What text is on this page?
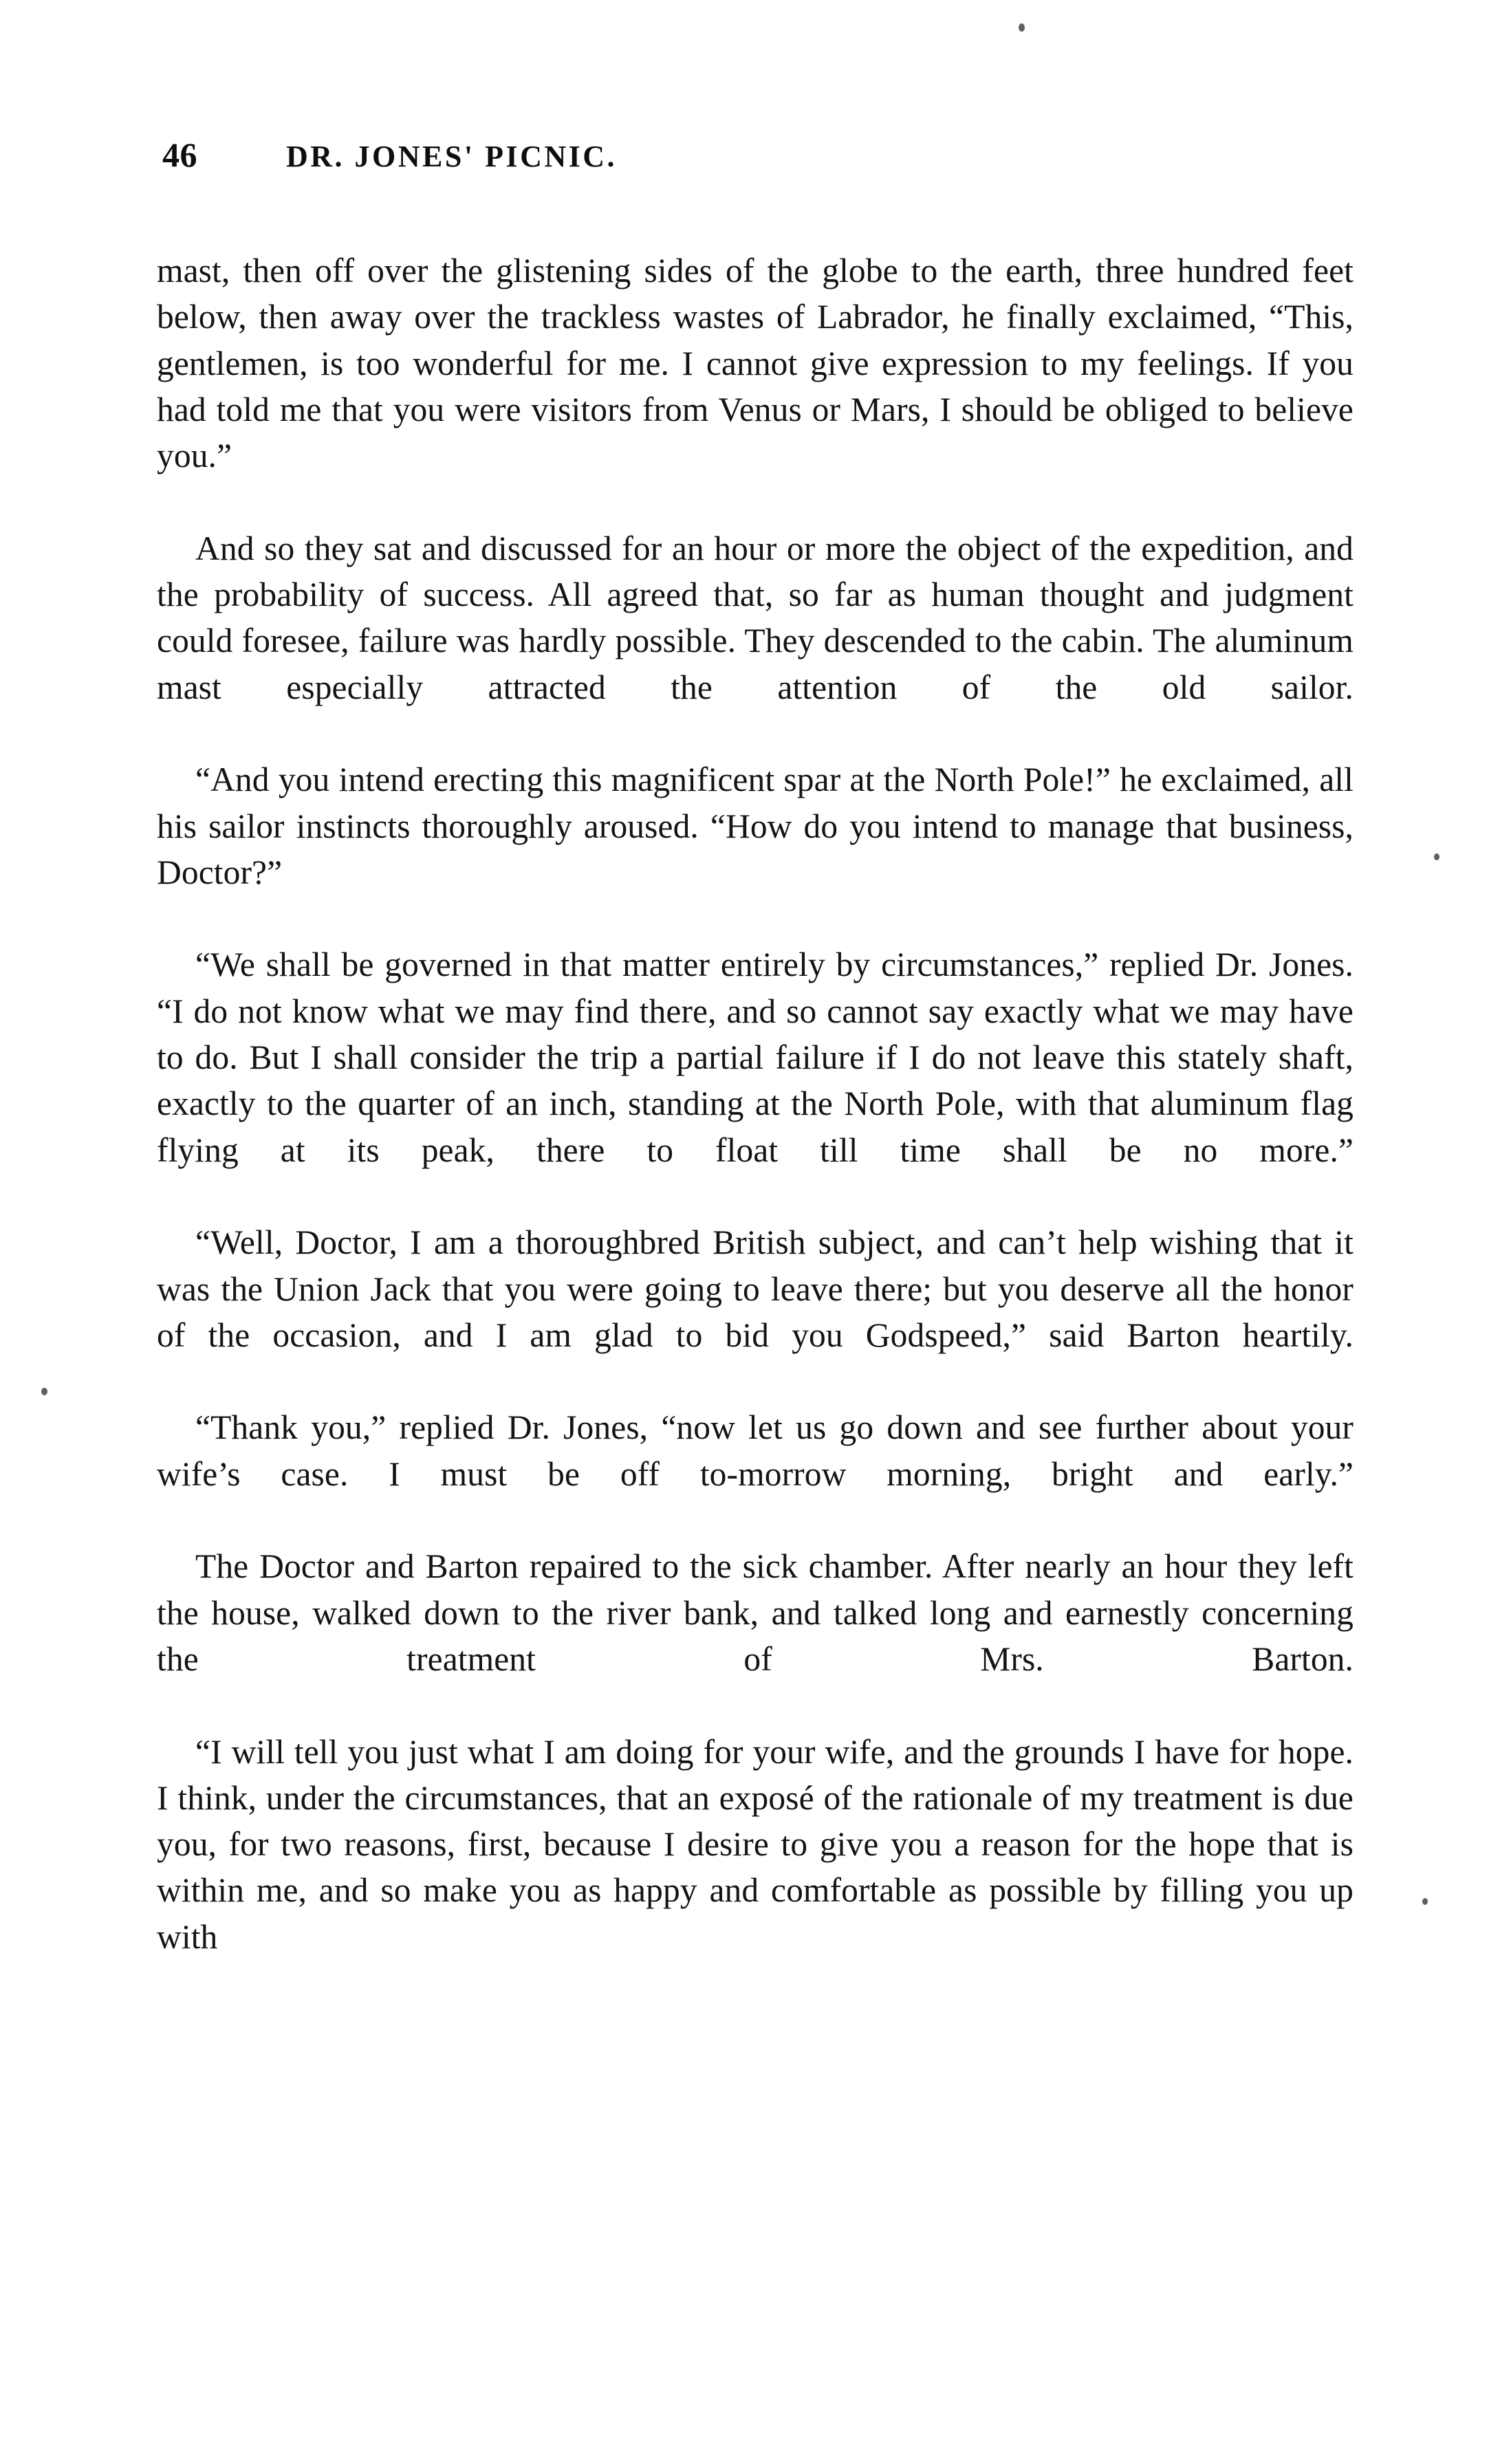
46	DR. JONES' PICNIC.

mast, then off over the glistening sides of the globe to the earth, three hundred feet below, then away over the trackless wastes of Labrador, he finally exclaimed, “This, gentlemen, is too wonderful for me. I cannot give expression to my feelings. If you had told me that you were visitors from Venus or Mars, I should be obliged to believe you.”

And so they sat and discussed for an hour or more the object of the expedition, and the probability of success. All agreed that, so far as human thought and judgment could foresee, failure was hardly possible. They descended to the cabin. The aluminum mast especially attracted the attention of the old sailor.

“And you intend erecting this magnificent spar at the North Pole!” he exclaimed, all his sailor instincts thoroughly aroused. “How do you intend to manage that business, Doctor?”

“We shall be governed in that matter entirely by circumstances,” replied Dr. Jones. “I do not know what we may find there, and so cannot say exactly what we may have to do. But I shall consider the trip a partial failure if I do not leave this stately shaft, exactly to the quarter of an inch, standing at the North Pole, with that aluminum flag flying at its peak, there to float till time shall be no more.”

“Well, Doctor, I am a thoroughbred British subject, and can’t help wishing that it was the Union Jack that you were going to leave there; but you deserve all the honor of the occasion, and I am glad to bid you Godspeed,” said Barton heartily.

“Thank you,” replied Dr. Jones, “now let us go down and see further about your wife’s case. I must be off to-morrow morning, bright and early.”

The Doctor and Barton repaired to the sick chamber. After nearly an hour they left the house, walked down to the river bank, and talked long and earnestly concerning the treatment of Mrs. Barton.

“I will tell you just what I am doing for your wife, and the grounds I have for hope. I think, under the circumstances, that an exposé of the rationale of my treatment is due you, for two reasons, first, because I desire to give you a reason for the hope that is within me, and so make you as happy and comfortable as possible by filling you up with
